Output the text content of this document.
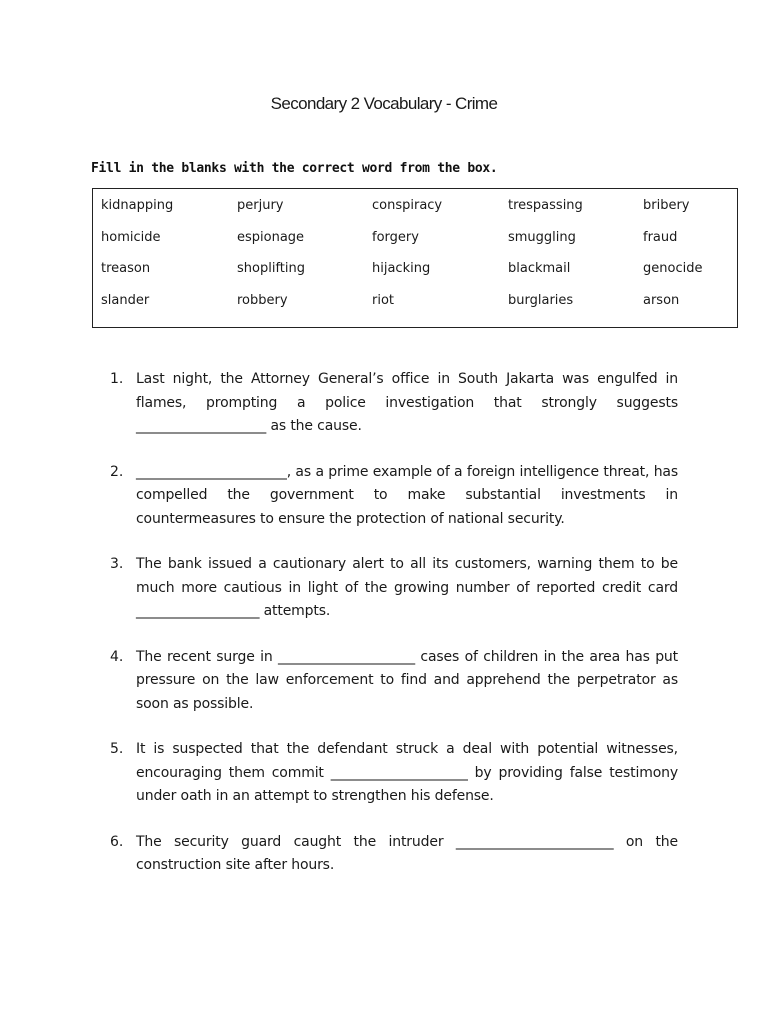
Secondary 2 Vocabulary - Crime
Fill in the blanks with the correct word from the box.
kidnapping	perjury	conspiracy	trespassing	bribery
homicide	espionage	forgery	smuggling	fraud
treason	shoplifting	hijacking	blackmail	genocide
slander	robbery	riot	burglaries	arson
1. Last night, the Attorney General’s office in South Jakarta was engulfed in flames, prompting a police investigation that strongly suggests ___________________ as the cause.
2. ______________________, as a prime example of a foreign intelligence threat, has compelled the government to make substantial investments in countermeasures to ensure the protection of national security.
3. The bank issued a cautionary alert to all its customers, warning them to be much more cautious in light of the growing number of reported credit card __________________ attempts.
4. The recent surge in ____________________ cases of children in the area has put pressure on the law enforcement to find and apprehend the perpetrator as soon as possible.
5. It is suspected that the defendant struck a deal with potential witnesses, encouraging them commit ____________________ by providing false testimony under oath in an attempt to strengthen his defense.
6. The security guard caught the intruder _______________________ on the construction site after hours.
